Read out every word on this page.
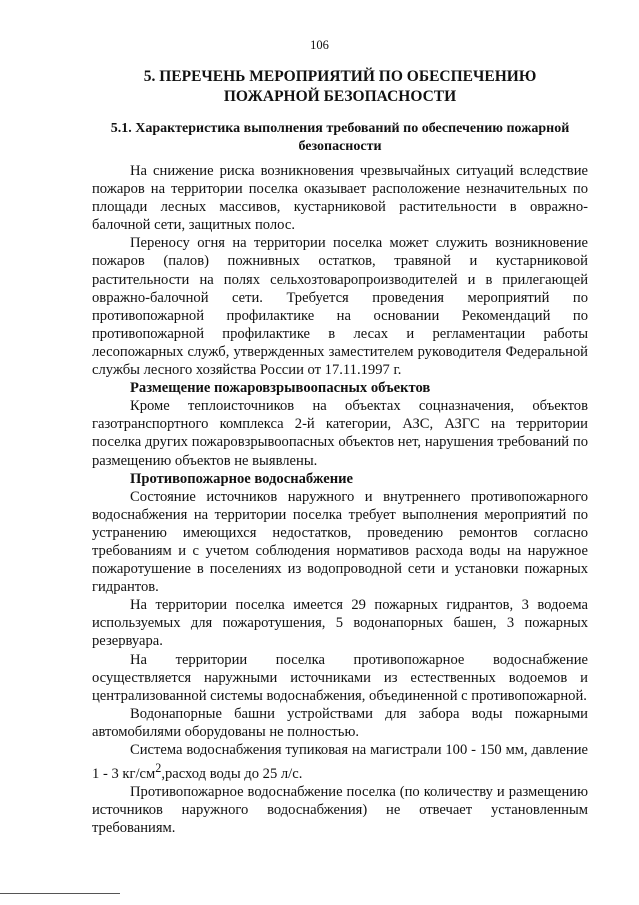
106
5. ПЕРЕЧЕНЬ МЕРОПРИЯТИЙ ПО ОБЕСПЕЧЕНИЮ ПОЖАРНОЙ БЕЗОПАСНОСТИ
5.1. Характеристика выполнения требований по обеспечению пожарной безопасности

На снижение риска возникновения чрезвычайных ситуаций вследствие пожаров на территории поселка оказывает расположение незначительных по площади лесных массивов, кустарниковой растительности в овражно-балочной сети, защитных полос.

Переносу огня на территории поселка может служить возникновение пожаров (палов) пожнивных остатков, травяной и кустарниковой растительности на полях сельхозтоваропроизводителей и в прилегающей овражно-балочной сети. Требуется проведения мероприятий по противопожарной профилактике на основании Рекомендаций по противопожарной профилактике в лесах и регламентации работы лесопожарных служб, утвержденных заместителем руководителя Федеральной службы лесного хозяйства России от 17.11.1997 г.

Размещение пожаровзрывоопасных объектов

Кроме теплоисточников на объектах соцназначения, объектов газотранспортного комплекса 2-й категории, АЗС, АЗГС на территории поселка других пожаровзрывоопасных объектов нет, нарушения требований по размещению объектов не выявлены.

Противопожарное водоснабжение

Состояние источников наружного и внутреннего противопожарного водоснабжения на территории поселка требует выполнения мероприятий по устранению имеющихся недостатков, проведению ремонтов согласно требованиям и с учетом соблюдения нормативов расхода воды на наружное пожаротушение в поселениях из водопроводной сети и установки пожарных гидрантов.

На территории поселка имеется 29 пожарных гидрантов, 3 водоема используемых для пожаротушения, 5 водонапорных башен, 3 пожарных резервуара.

На территории поселка противопожарное водоснабжение осуществляется наружными источниками из естественных водоемов и централизованной системы водоснабжения, объединенной с противопожарной.

Водонапорные башни устройствами для забора воды пожарными автомобилями оборудованы не полностью.

Система водоснабжения тупиковая на магистрали 100 - 150 мм, давление 1 - 3 $кг/см^2,расход$ воды до 25 л/с.

Противопожарное водоснабжение поселка (по количеству и размещению источников наружного водоснабжения) не отвечает установленным требованиям.
